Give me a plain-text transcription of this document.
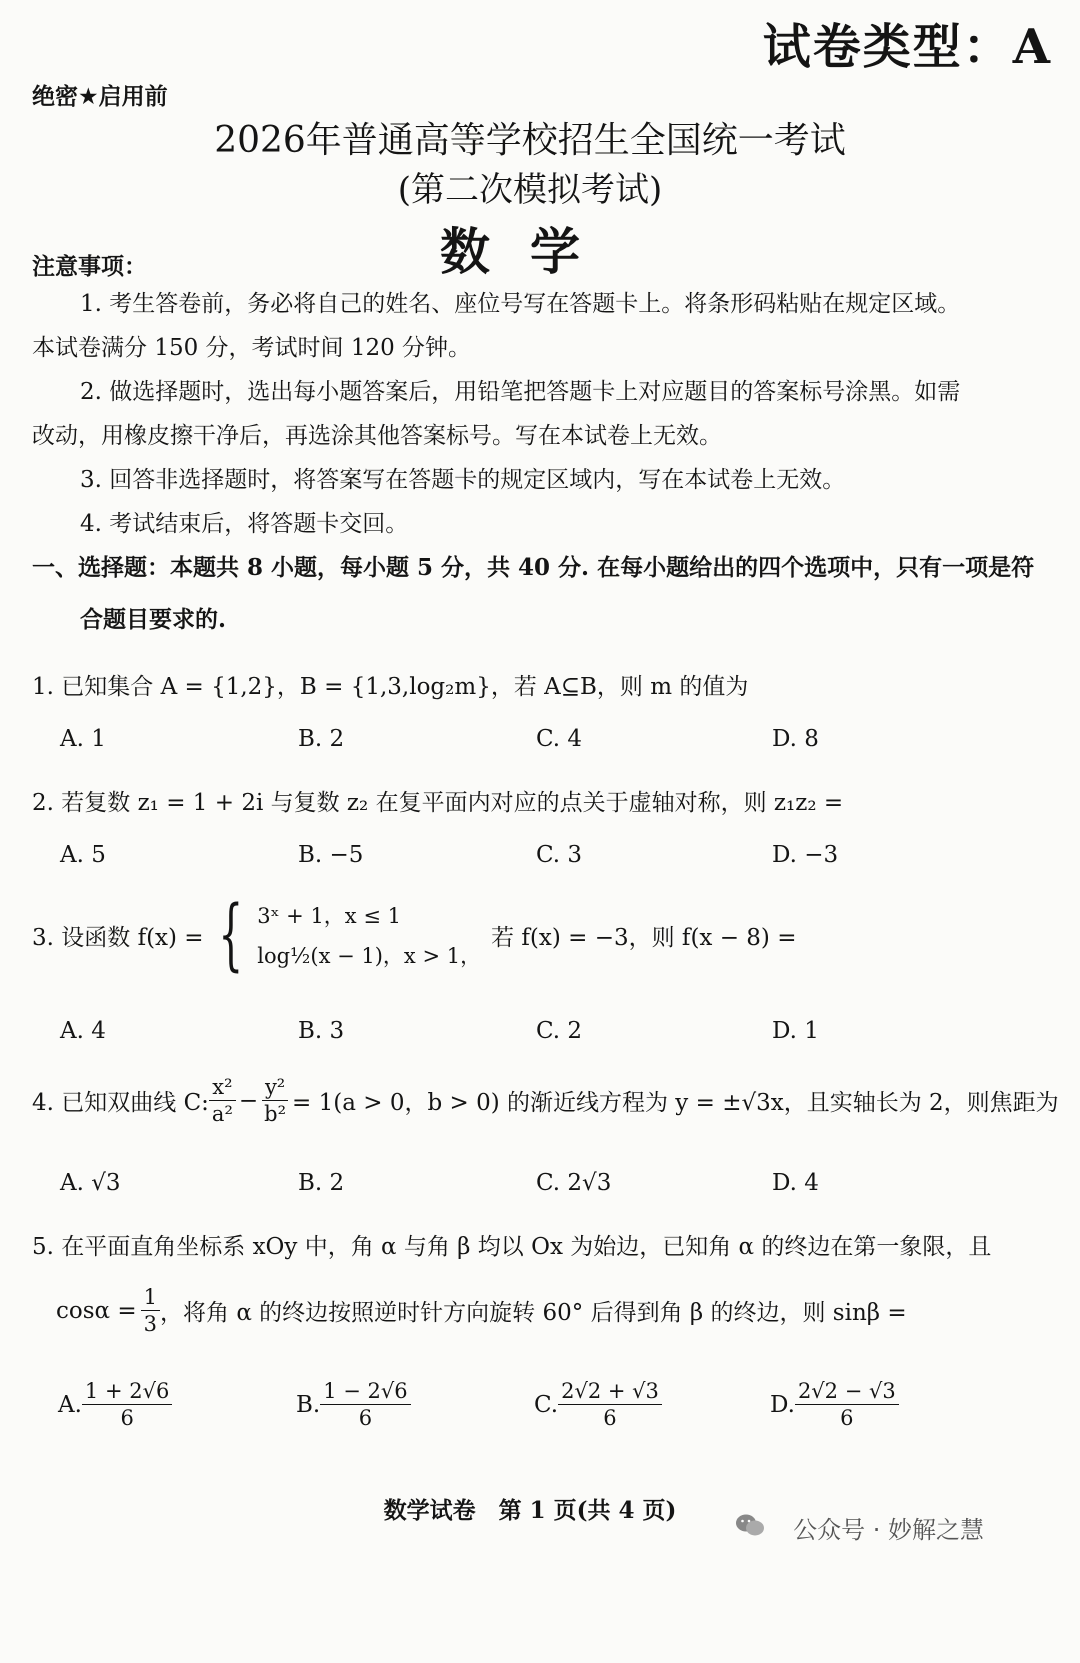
试卷类型：A
绝密★启用前
2026年普通高等学校招生全国统一考试
(第二次模拟考试)
数学
注意事项：
1. 考生答卷前，务必将自己的姓名、座位号写在答题卡上。将条形码粘贴在规定区域。
本试卷满分 150 分，考试时间 120 分钟。
2. 做选择题时，选出每小题答案后，用铅笔把答题卡上对应题目的答案标号涂黑。如需
改动，用橡皮擦干净后，再选涂其他答案标号。写在本试卷上无效。
3. 回答非选择题时，将答案写在答题卡的规定区域内，写在本试卷上无效。
4. 考试结束后，将答题卡交回。
一、选择题：本题共 8 小题，每小题 5 分，共 40 分. 在每小题给出的四个选项中，只有一项是符
合题目要求的.
1. 已知集合 A = {1,2}，B = {1,3,log₂m}，若 A⊆B，则 m 的值为
A. 1	B. 2	C. 4	D. 8
2. 若复数 z₁ = 1 + 2i 与复数 z₂ 在复平面内对应的点关于虚轴对称，则 z₁z₂ =
A. 5	B. −5	C. 3	D. −3
3. 设函数 f(x) = { 3ˣ + 1，x ≤ 1
log½(x − 1)，x > 1，
若 f(x) = −3，则 f(x − 8) =
A. 4	B. 3	C. 2	D. 1
4. 已知双曲线 C: $\frac{\text{x²}}{\text{a²}} - \frac{\text{y²}}{\text{b²}} = 1(a > 0$，b > 0) 的渐近线方程为 y = ±√3x，且实轴长为 2，则焦距为
A. √3	B. 2	C. 2√3	D. 4
5. 在平面直角坐标系 xOy 中，角 α 与角 β 均以 Ox 为始边，已知角 α 的终边在第一象限，且
$\cos\alpha = \frac{1}{3}$ ，将角 α 的终边按照逆时针方向旋转 60° 后得到角 β 的终边，则 sinβ =
A. $\frac{1 + 2√6}{6}$	B. $\frac{1 - 2√6}{6}$	C. $\frac{2√2 + √3}{6}$	D. $\frac{2√2 - √3}{6}$
数学试卷　第 1 页(共 4 页)
公众号 · 妙解之慧
